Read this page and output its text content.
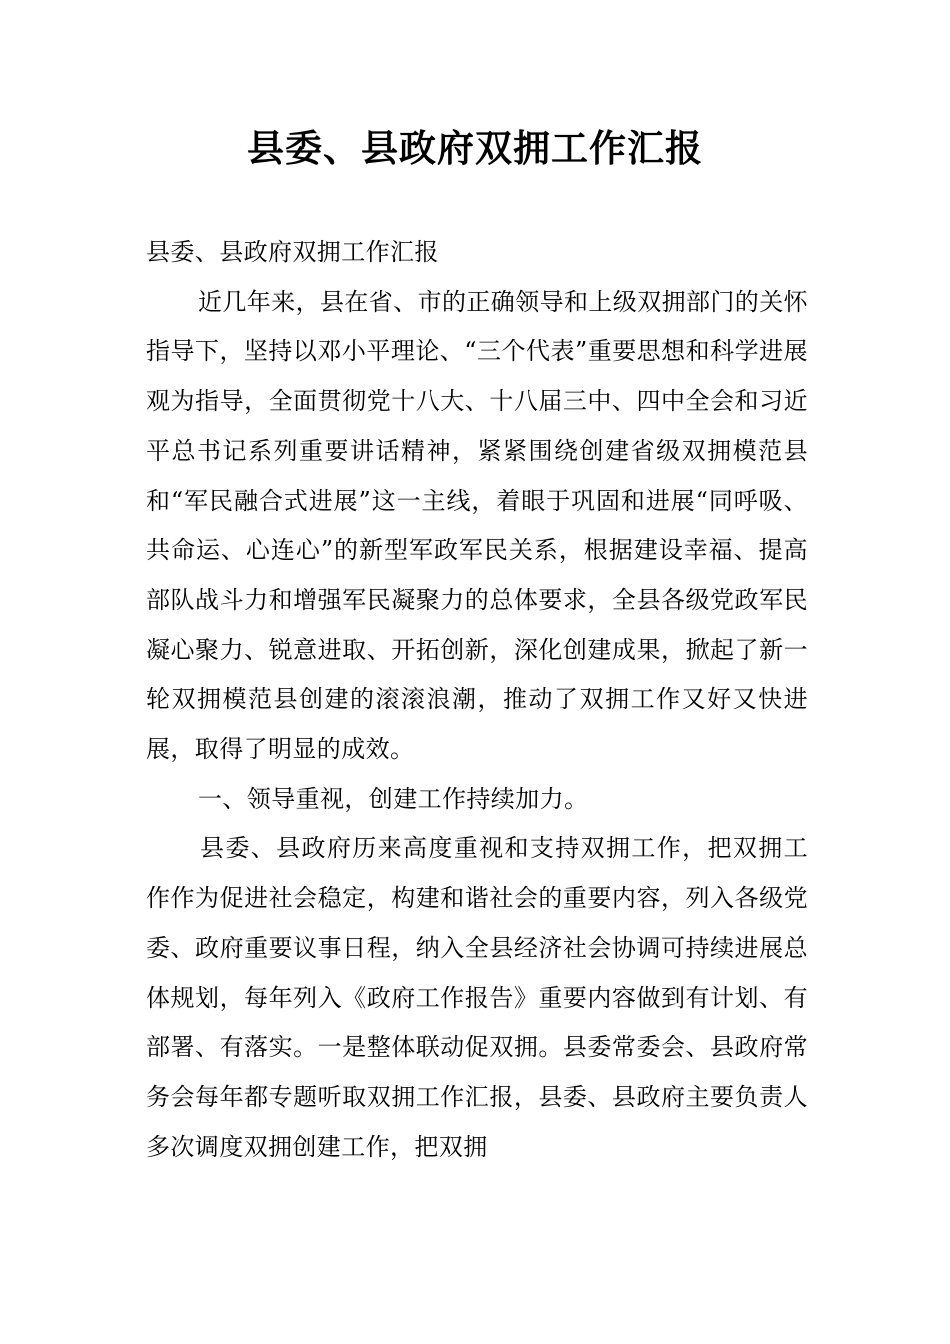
县委、县政府双拥工作汇报

县委、县政府双拥工作汇报

近几年来，县在省、市的正确领导和上级双拥部门的关怀指导下，坚持以邓小平理论、“三个代表”重要思想和科学进展观为指导，全面贯彻党十八大、十八届三中、四中全会和习近平总书记系列重要讲话精神，紧紧围绕创建省级双拥模范县和“军民融合式进展”这一主线，着眼于巩固和进展“同呼吸、共命运、心连心”的新型军政军民关系，根据建设幸福、提高部队战斗力和增强军民凝聚力的总体要求，全县各级党政军民凝心聚力、锐意进取、开拓创新，深化创建成果，掀起了新一轮双拥模范县创建的滚滚浪潮，推动了双拥工作又好又快进展，取得了明显的成效。

一、领导重视，创建工作持续加力。

县委、县政府历来高度重视和支持双拥工作，把双拥工作作为促进社会稳定，构建和谐社会的重要内容，列入各级党委、政府重要议事日程，纳入全县经济社会协调可持续进展总体规划，每年列入《政府工作报告》重要内容做到有计划、有部署、有落实。一是整体联动促双拥。县委常委会、县政府常务会每年都专题听取双拥工作汇报，县委、县政府主要负责人多次调度双拥创建工作，把双拥
